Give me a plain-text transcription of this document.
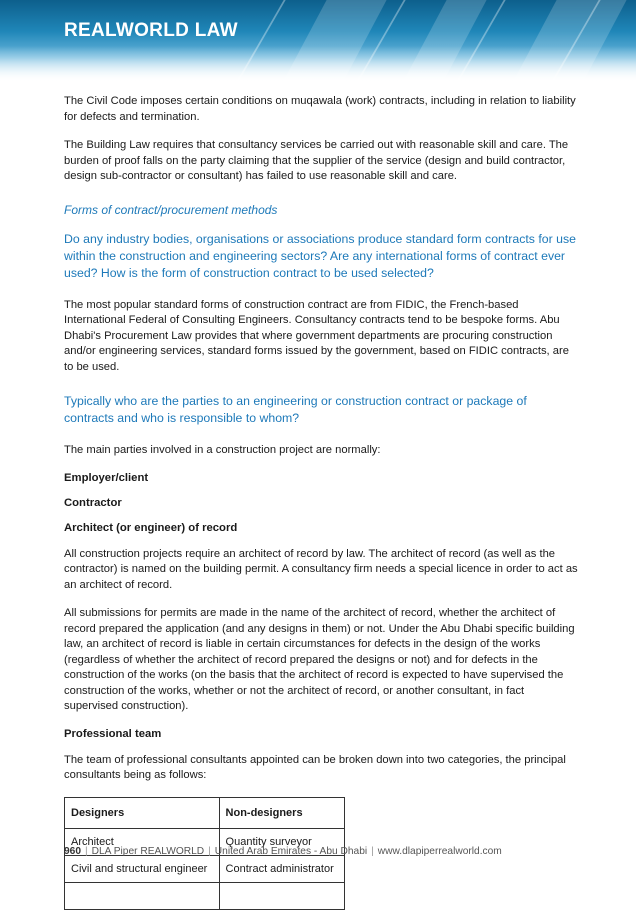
REALWORLD LAW

The Civil Code imposes certain conditions on muqawala (work) contracts, including in relation to liability for defects and termination.

The Building Law requires that consultancy services be carried out with reasonable skill and care. The burden of proof falls on the party claiming that the supplier of the service (design and build contractor, design sub-contractor or consultant) has failed to use reasonable skill and care.

Forms of contract/procurement methods
Do any industry bodies, organisations or associations produce standard form contracts for use within the construction and engineering sectors? Are any international forms of contract ever used? How is the form of construction contract to be used selected?

The most popular standard forms of construction contract are from FIDIC, the French-based International Federal of Consulting Engineers. Consultancy contracts tend to be bespoke forms. Abu Dhabi's Procurement Law provides that where government departments are procuring construction and/or engineering services, standard forms issued by the government, based on FIDIC contracts, are to be used.

Typically who are the parties to an engineering or construction contract or package of contracts and who is responsible to whom?

The main parties involved in a construction project are normally:

Employer/client
Contractor
Architect (or engineer) of record

All construction projects require an architect of record by law. The architect of record (as well as the contractor) is named on the building permit. A consultancy firm needs a special licence in order to act as an architect of record.

All submissions for permits are made in the name of the architect of record, whether the architect of record prepared the application (and any designs in them) or not. Under the Abu Dhabi specific building law, an architect of record is liable in certain circumstances for defects in the design of the works (regardless of whether the architect of record prepared the designs or not) and for defects in the construction of the works (on the basis that the architect of record is expected to have supervised the construction of the works, whether or not the architect of record, or another consultant, in fact supervised construction).

Professional team

The team of professional consultants appointed can be broken down into two categories, the principal consultants being as follows:

Designers	Non-designers
Architect	Quantity surveyor
Civil and structural engineer	Contract administrator

960 | DLA Piper REALWORLD | United Arab Emirates - Abu Dhabi | www.dlapiperrealworld.com
